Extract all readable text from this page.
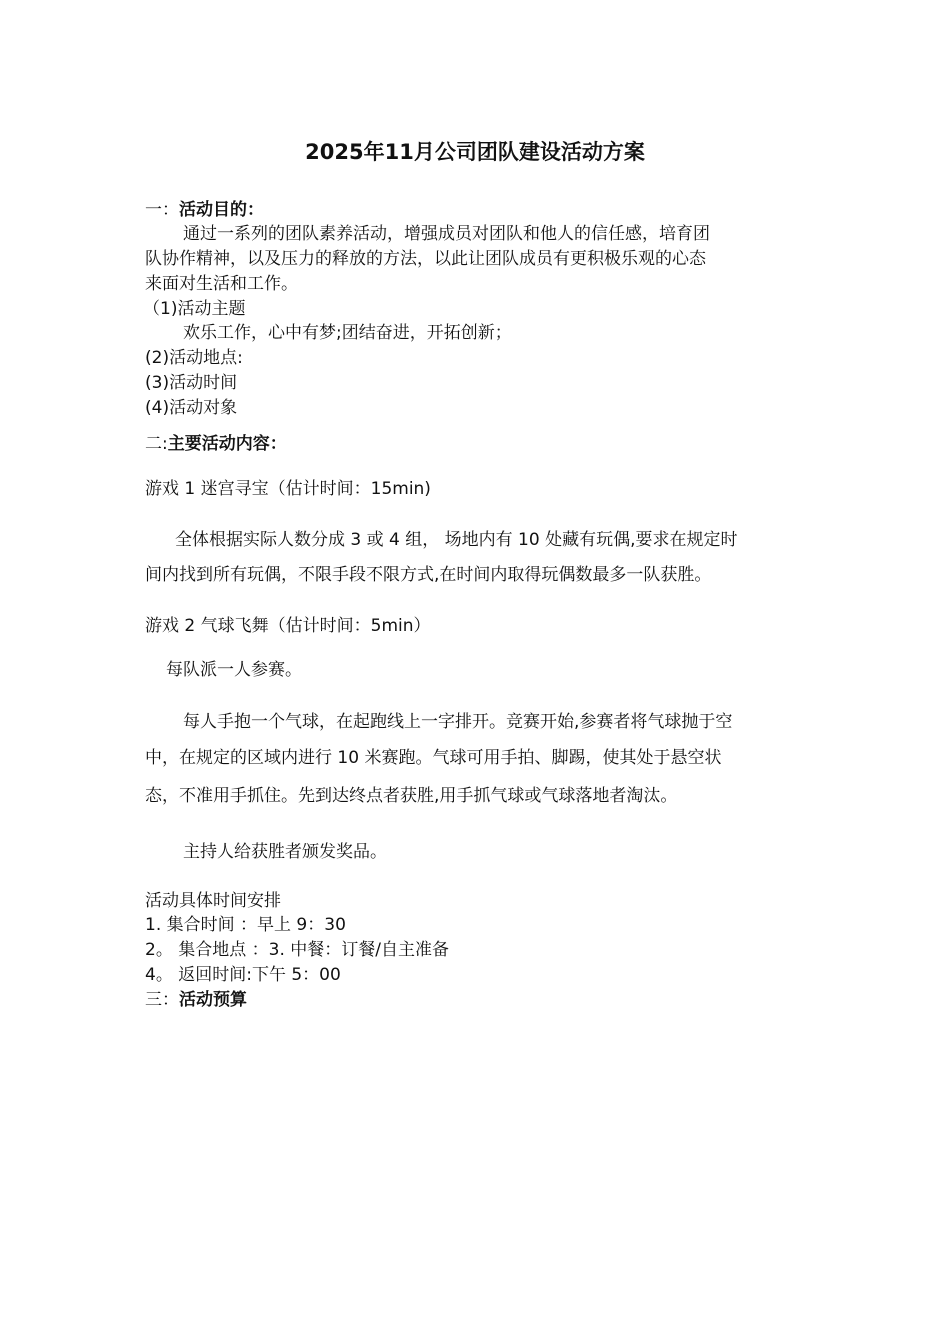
2025年11月公司团队建设活动方案
一：活动目的：
通过一系列的团队素养活动，增强成员对团队和他人的信任感，培育团
队协作精神，以及压力的释放的方法，以此让团队成员有更积极乐观的心态
来面对生活和工作。
（1)活动主题
欢乐工作，心中有梦;团结奋进，开拓创新；
(2)活动地点:
(3)活动时间
(4)活动对象
二:主要活动内容：
游戏 1 迷宫寻宝（估计时间：15min)
全体根据实际人数分成 3 或 4 组， 场地内有 10 处藏有玩偶,要求在规定时
间内找到所有玩偶，不限手段不限方式,在时间内取得玩偶数最多一队获胜。
游戏 2 气球飞舞（估计时间：5min）
每队派一人参赛。
每人手抱一个气球，在起跑线上一字排开。竞赛开始,参赛者将气球抛于空
中，在规定的区域内进行 10 米赛跑。气球可用手拍、脚踢，使其处于悬空状
态，不准用手抓住。先到达终点者获胜,用手抓气球或气球落地者淘汰。
主持人给获胜者颁发奖品。
活动具体时间安排
1. 集合时间 ：早上 9：30
2。 集合地点 ：3. 中餐：订餐/自主准备
4。 返回时间:下午 5：00
三：活动预算
